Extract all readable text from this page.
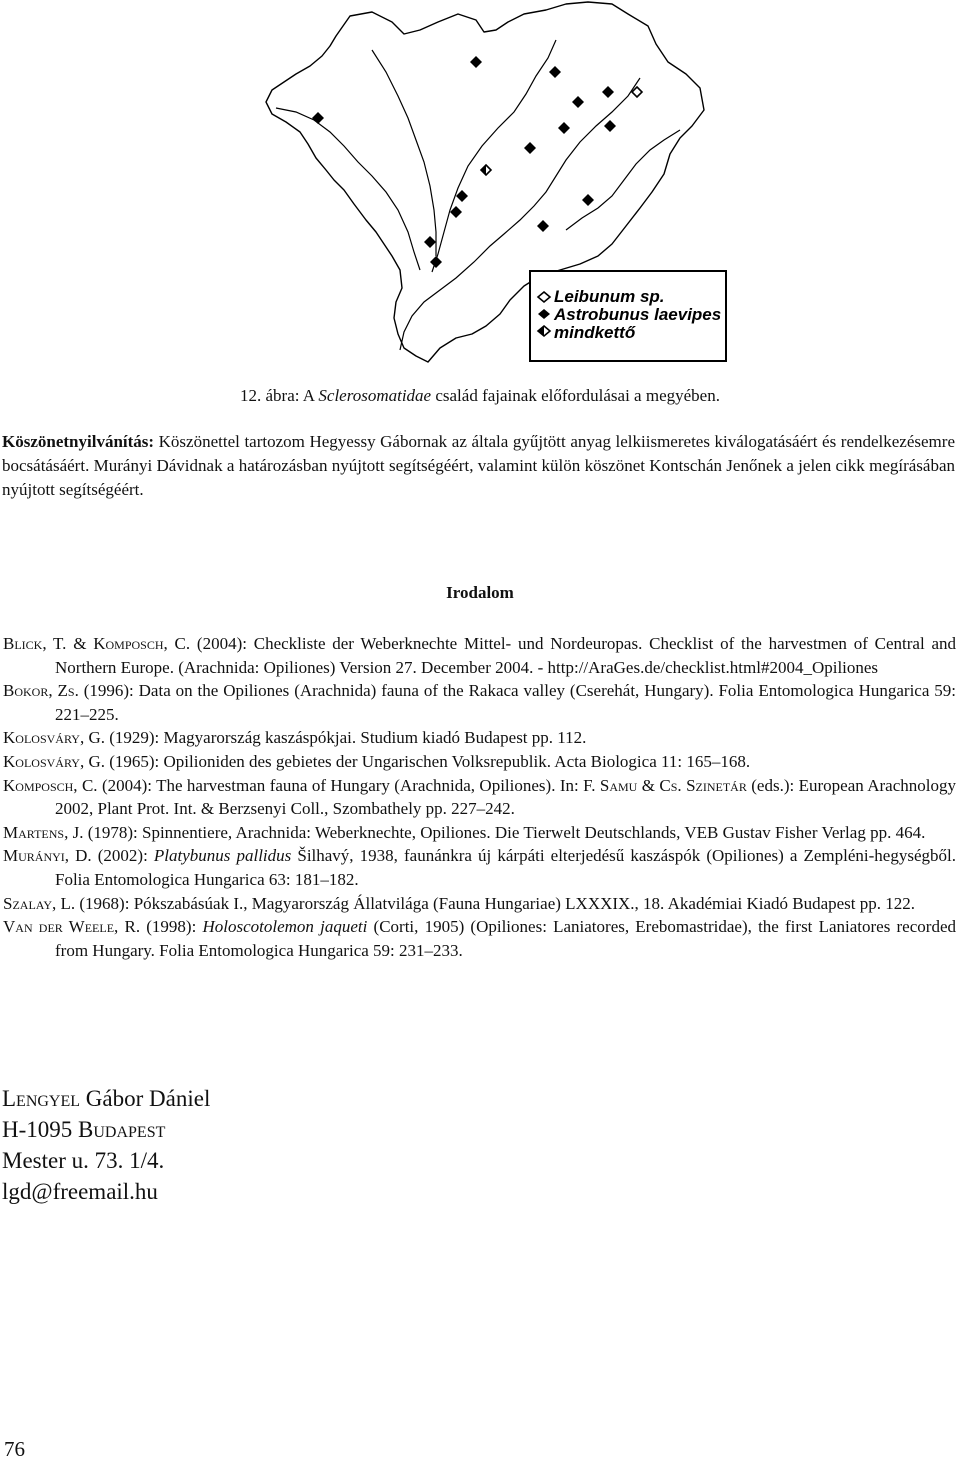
Leibunum sp.
Astrobunus laevipes
mindkettő
12. ábra: A Sclerosomatidae család fajainak előfordulásai a megyében.

Köszönetnyilvánítás: Köszönettel tartozom Hegyessy Gábornak az általa gyűjtött anyag lelkiismeretes kiválogatásáért és rendelkezésemre bocsátásáért. Murányi Dávidnak a határozásban nyújtott segítségéért, valamint külön köszönet Kontschán Jenőnek a jelen cikk megírásában nyújtott segítségéért.

Irodalom
Blick, T. & Komposch, C. (2004): Checkliste der Weberknechte Mittel- und Nordeuropas. Checklist of the harvestmen of Central and Northern Europe. (Arachnida: Opiliones) Version 27. December 2004. - http://AraGes.de/checklist.html#2004_Opiliones
Bokor, Zs. (1996): Data on the Opiliones (Arachnida) fauna of the Rakaca valley (Cserehát, Hungary). Folia Entomologica Hungarica 59: 221–225.
Kolosváry, G. (1929): Magyarország kaszáspókjai. Studium kiadó Budapest pp. 112.
Kolosváry, G. (1965): Opilioniden des gebietes der Ungarischen Volksrepublik. Acta Biologica 11: 165–168.
Komposch, C. (2004): The harvestman fauna of Hungary (Arachnida, Opiliones). In: F. Samu & Cs. Szinetár (eds.): European Arachnology 2002, Plant Prot. Int. & Berzsenyi Coll., Szombathely pp. 227–242.
Martens, J. (1978): Spinnentiere, Arachnida: Weberknechte, Opiliones. Die Tierwelt Deutschlands, VEB Gustav Fisher Verlag pp. 464.
Murányi, D. (2002): Platybunus pallidus Šilhavý, 1938, faunánkra új kárpáti elterjedésű kaszáspók (Opiliones) a Zempléni-hegységből. Folia Entomologica Hungarica 63: 181–182.
Szalay, L. (1968): Pókszabásúak I., Magyarország Állatvilága (Fauna Hungariae) LXXXIX., 18. Akadémiai Kiadó Budapest pp. 122.
Van der Weele, R. (1998): Holoscotolemon jaqueti (Corti, 1905) (Opiliones: Laniatores, Erebomastridae), the first Laniatores recorded from Hungary. Folia Entomologica Hungarica 59: 231–233.
Lengyel Gábor Dániel
H-1095 Budapest
Mester u. 73. 1/4.
lgd@freemail.hu
76
